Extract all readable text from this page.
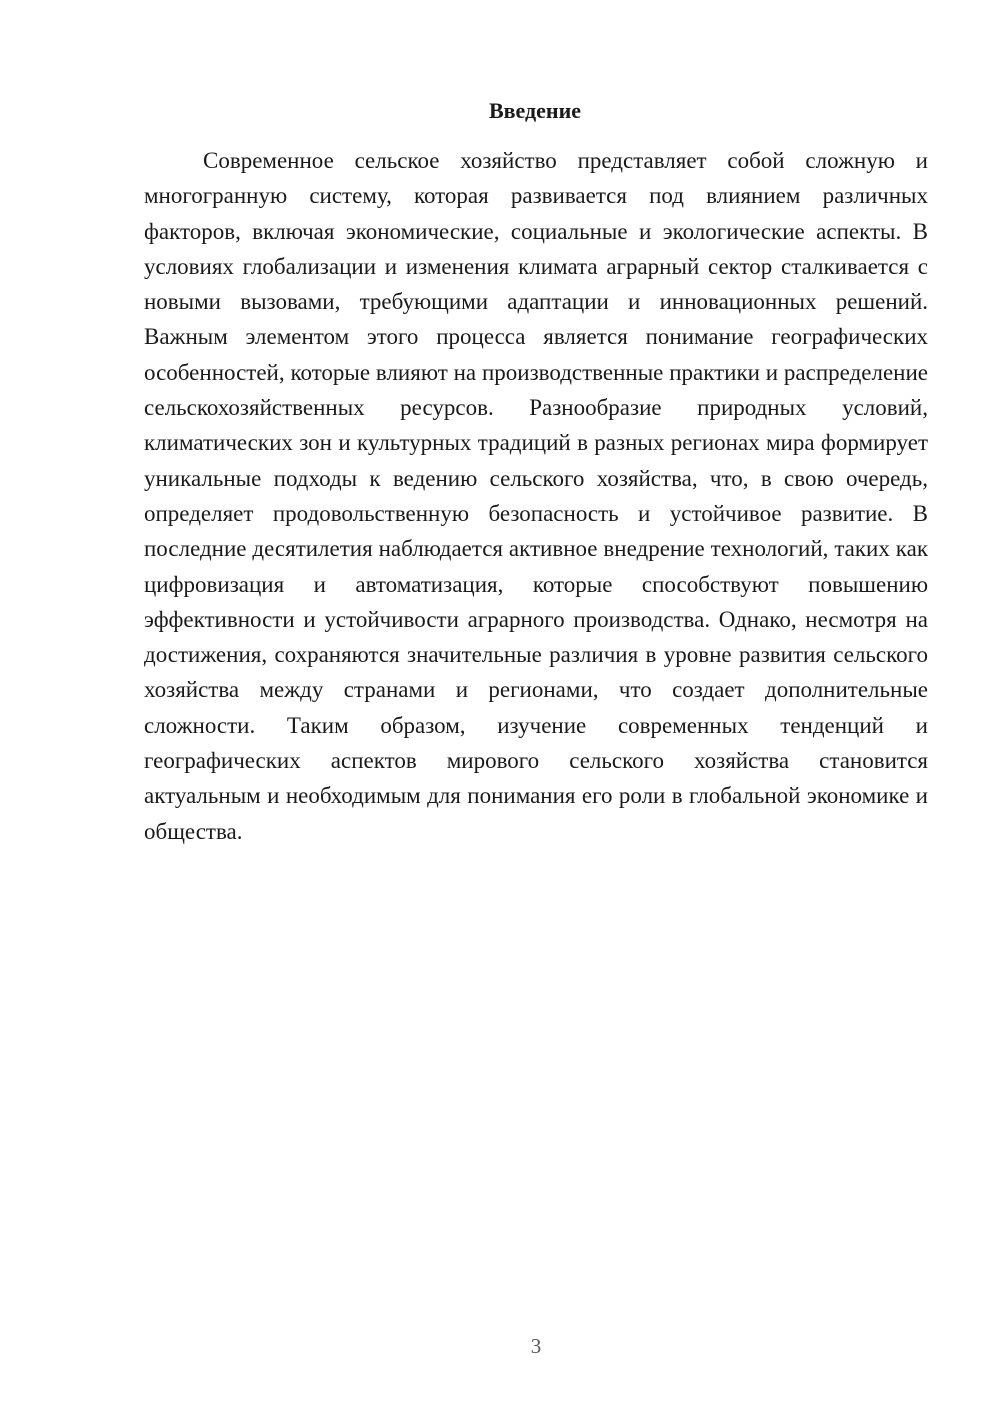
Введение

Современное сельское хозяйство представляет собой сложную и многогранную систему, которая развивается под влиянием различных факторов, включая экономические, социальные и экологические аспекты. В условиях глобализации и изменения климата аграрный сектор сталкивается с новыми вызовами, требующими адаптации и инновационных решений. Важным элементом этого процесса является понимание географических особенностей, которые влияют на производственные практики и распределение сельскохозяйственных ресурсов. Разнообразие природных условий, климатических зон и культурных традиций в разных регионах мира формирует уникальные подходы к ведению сельского хозяйства, что, в свою очередь, определяет продовольственную безопасность и устойчивое развитие. В последние десятилетия наблюдается активное внедрение технологий, таких как цифровизация и автоматизация, которые способствуют повышению эффективности и устойчивости аграрного производства. Однако, несмотря на достижения, сохраняются значительные различия в уровне развития сельского хозяйства между странами и регионами, что создает дополнительные сложности. Таким образом, изучение современных тенденций и географических аспектов мирового сельского хозяйства становится актуальным и необходимым для понимания его роли в глобальной экономике и общества.

3
